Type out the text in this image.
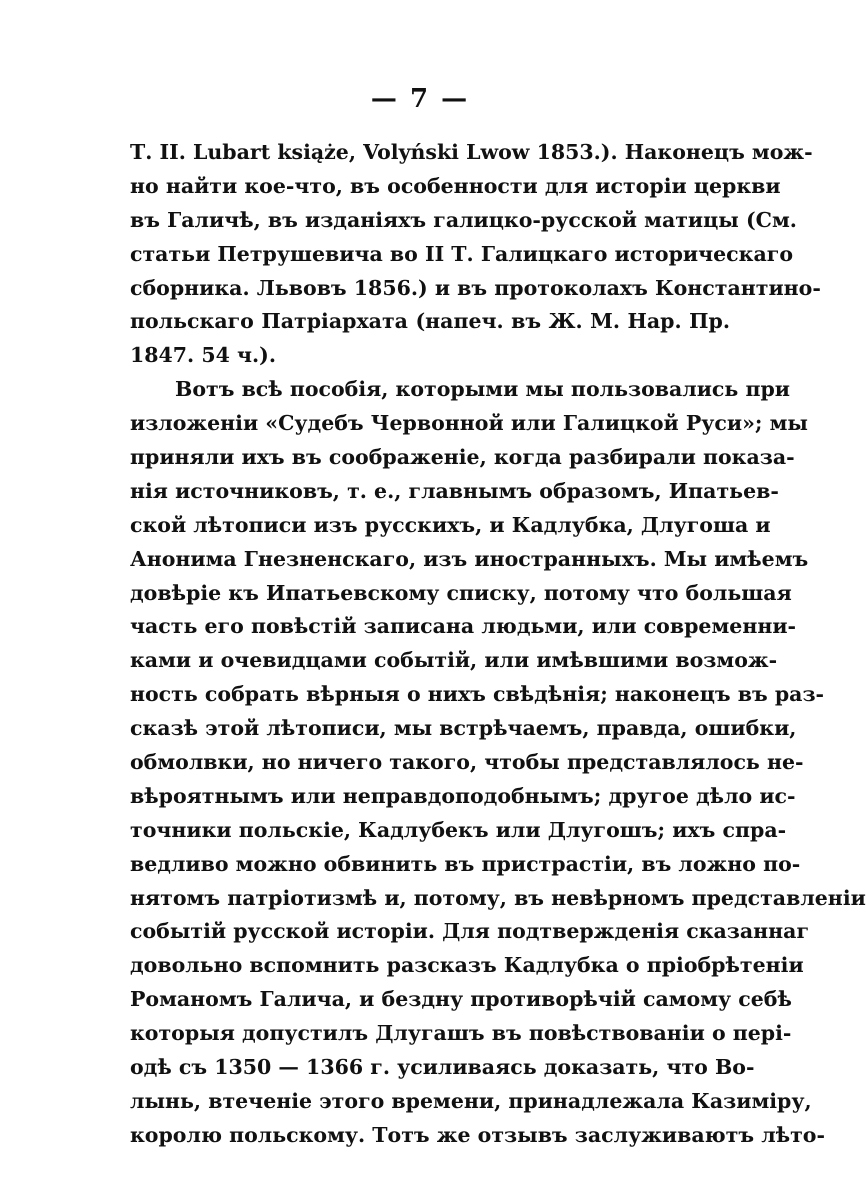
— 7 —
Т. II. Lubart książe, Volyński Lwow 1853.). Наконецъ мож-
но найти кое-что, въ особенности для исторіи церкви
въ Галичѣ, въ изданіяхъ галицко-русской матицы (См.
статьи Петрушевича во II Т. Галицкаго историческаго
сборника. Львовъ 1856.) и въ протоколахъ Константино-
польскаго Патріархата (напеч. въ Ж. М. Нар. Пр.
1847. 54 ч.).
Вотъ всѣ пособія, которыми мы пользовались при
изложеніи «Судебъ Червонной или Галицкой Руси»; мы
приняли ихъ въ соображеніе, когда разбирали показа-
нія источниковъ, т. е., главнымъ образомъ, Ипатьев-
ской лѣтописи изъ русскихъ, и Кадлубка, Длугоша и
Анонима Гнезненскаго, изъ иностранныхъ. Мы имѣемъ
довѣріе къ Ипатьевскому списку, потому что большая
часть его повѣстій записана людьми, или современни-
ками и очевидцами событій, или имѣвшими возмож-
ность собрать вѣрныя о нихъ свѣдѣнія; наконецъ въ раз-
сказѣ этой лѣтописи, мы встрѣчаемъ, правда, ошибки,
обмолвки, но ничего такого, чтобы представлялось не-
вѣроятнымъ или неправдоподобнымъ; другое дѣло ис-
точники польскіе, Кадлубекъ или Длугошъ; ихъ спра-
ведливо можно обвинить въ пристрастіи, въ ложно по-
нятомъ патріотизмѣ и, потому, въ невѣрномъ представленіи
событій русской исторіи. Для подтвержденія сказаннаг
довольно вспомнить разсказъ Кадлубка о пріобрѣтеніи
Романомъ Галича, и бездну противорѣчій самому себѣ
которыя допустилъ Длугашъ въ повѣствованіи о пері-
одѣ съ 1350 — 1366 г. усиливаясь доказать, что Во-
лынь, втеченіе этого времени, принадлежала Казиміру,
королю польскому. Тотъ же отзывъ заслуживаютъ лѣто-
